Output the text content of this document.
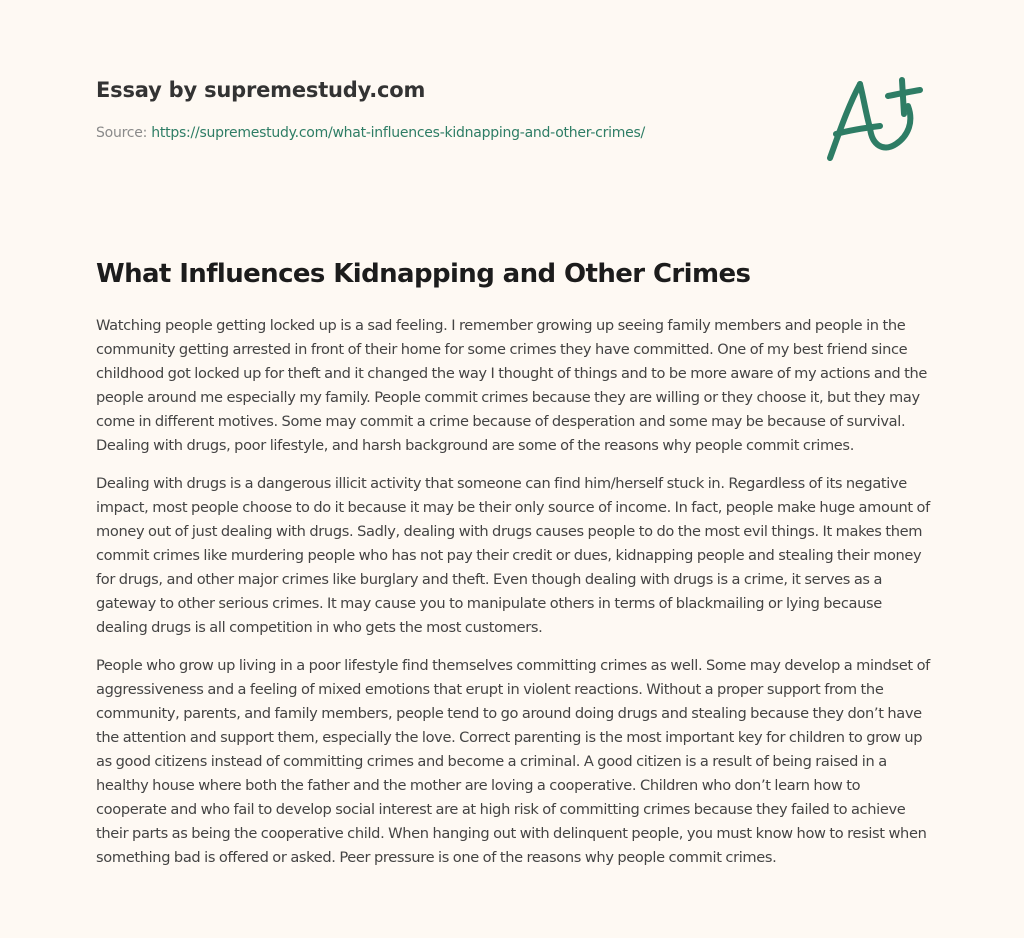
Essay by supremestudy.com
Source: https://supremestudy.com/what-influences-kidnapping-and-other-crimes/
What Influences Kidnapping and Other Crimes

Watching people getting locked up is a sad feeling. I remember growing up seeing family members and people in the community getting arrested in front of their home for some crimes they have committed. One of my best friend since childhood got locked up for theft and it changed the way I thought of things and to be more aware of my actions and the people around me especially my family. People commit crimes because they are willing or they choose it, but they may come in different motives. Some may commit a crime because of desperation and some may be because of survival. Dealing with drugs, poor lifestyle, and harsh background are some of the reasons why people commit crimes.

Dealing with drugs is a dangerous illicit activity that someone can find him/herself stuck in. Regardless of its negative impact, most people choose to do it because it may be their only source of income. In fact, people make huge amount of money out of just dealing with drugs. Sadly, dealing with drugs causes people to do the most evil things. It makes them commit crimes like murdering people who has not pay their credit or dues, kidnapping people and stealing their money for drugs, and other major crimes like burglary and theft. Even though dealing with drugs is a crime, it serves as a gateway to other serious crimes. It may cause you to manipulate others in terms of blackmailing or lying because dealing drugs is all competition in who gets the most customers.

People who grow up living in a poor lifestyle find themselves committing crimes as well. Some may develop a mindset of aggressiveness and a feeling of mixed emotions that erupt in violent reactions. Without a proper support from the community, parents, and family members, people tend to go around doing drugs and stealing because they don’t have the attention and support them, especially the love. Correct parenting is the most important key for children to grow up as good citizens instead of committing crimes and become a criminal. A good citizen is a result of being raised in a healthy house where both the father and the mother are loving a cooperative. Children who don’t learn how to cooperate and who fail to develop social interest are at high risk of committing crimes because they failed to achieve their parts as being the cooperative child. When hanging out with delinquent people, you must know how to resist when something bad is offered or asked. Peer pressure is one of the reasons why people commit crimes.
